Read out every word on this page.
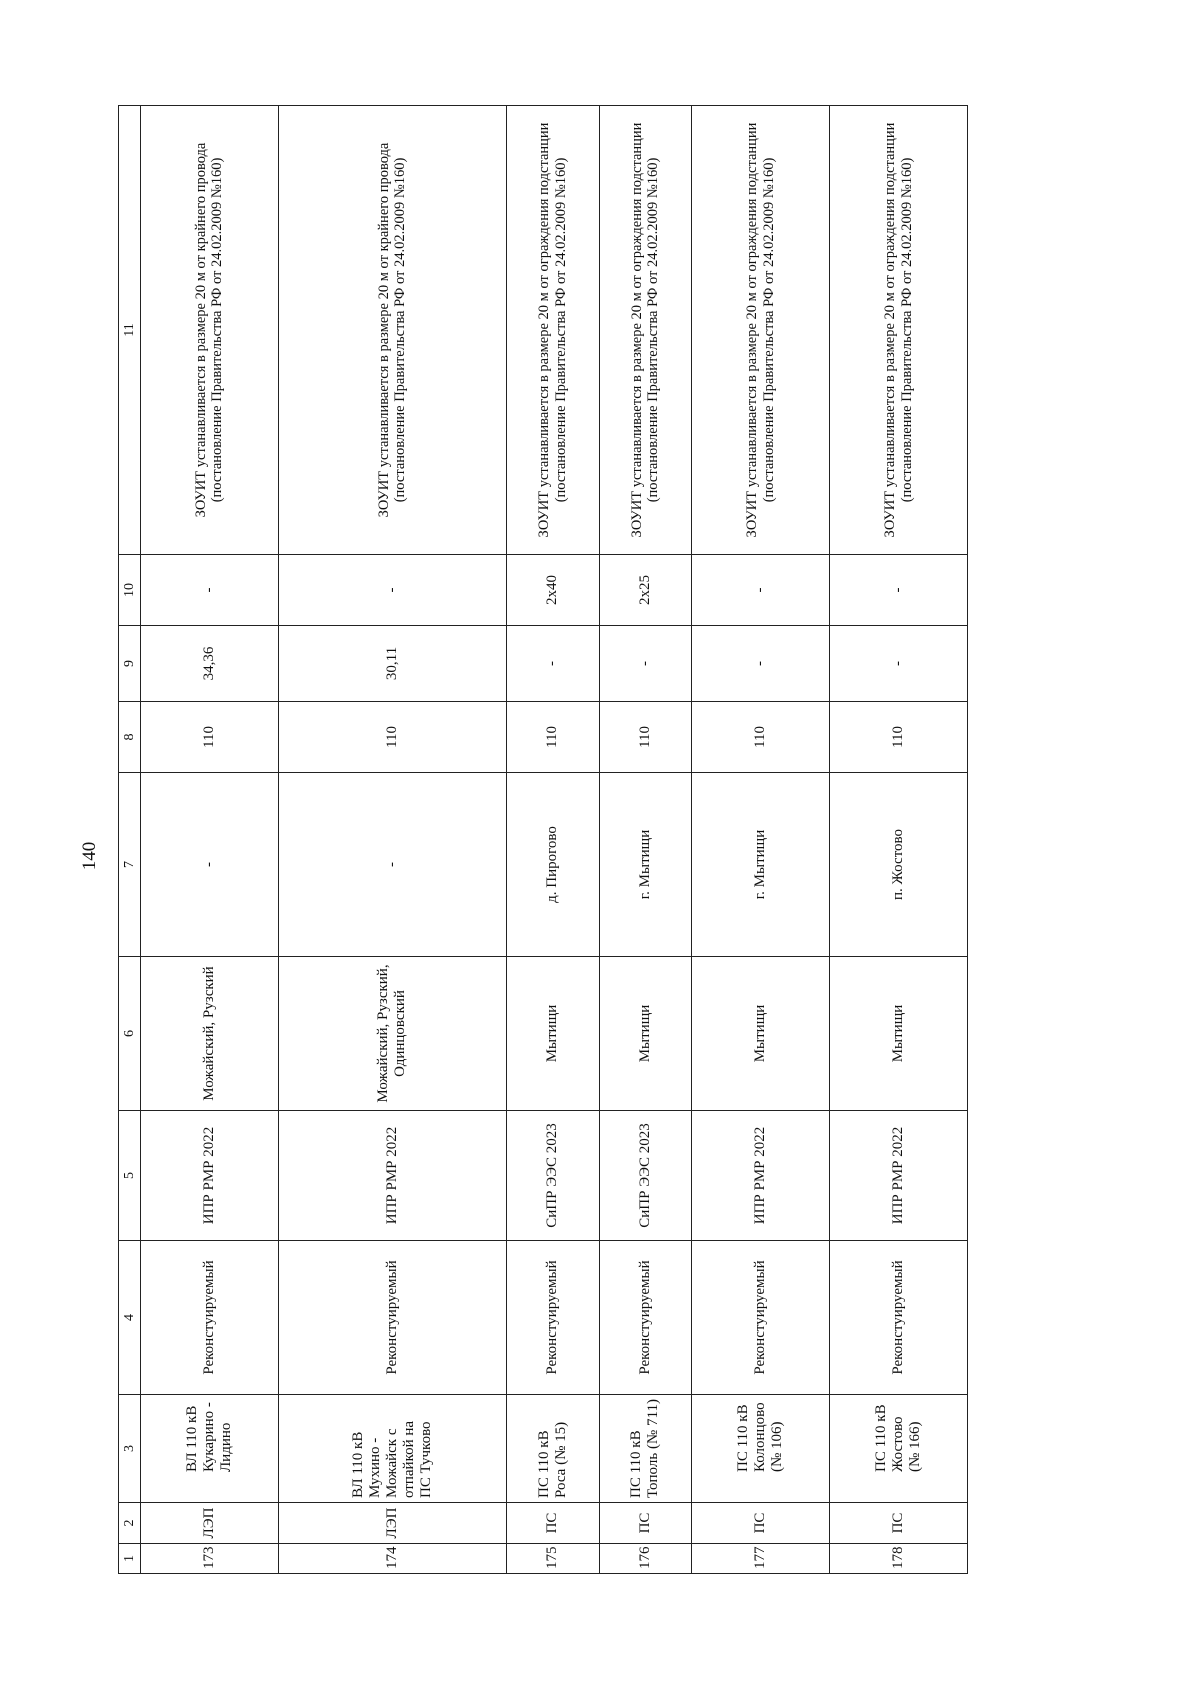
140
1	2	3	4	5	6	7	8	9	10	11
173	ЛЭП	ВЛ 110 кВ Кукарино - Лидино	Реконстуируемый	ИПР РМР 2022	Можайский, Рузский	-	110	34,36	-	ЗОУИТ устанавливается в размере 20 м от крайнего провода (постановление Правительства РФ от 24.02.2009 №160)
174	ЛЭП	ВЛ 110 кВ Мухино - Можайск с отпайкой на ПС Тучково	Реконстуируемый	ИПР РМР 2022	Можайский, Рузский, Одинцовский	-	110	30,11	-	ЗОУИТ устанавливается в размере 20 м от крайнего провода (постановление Правительства РФ от 24.02.2009 №160)
175	ПС	ПС 110 кВ Роса (№ 15)	Реконстуируемый	СиПР ЭЭС 2023	Мытищи	д. Пирогово	110	-	2х40	ЗОУИТ устанавливается в размере 20 м от ограждения подстанции (постановление Правительства РФ от 24.02.2009 №160)
176	ПС	ПС 110 кВ Тополь (№ 711)	Реконстуируемый	СиПР ЭЭС 2023	Мытищи	г. Мытищи	110	-	2х25	ЗОУИТ устанавливается в размере 20 м от ограждения подстанции (постановление Правительства РФ от 24.02.2009 №160)
177	ПС	ПС 110 кВ Колонцово (№ 106)	Реконстуируемый	ИПР РМР 2022	Мытищи	г. Мытищи	110	-	-	ЗОУИТ устанавливается в размере 20 м от ограждения подстанции (постановление Правительства РФ от 24.02.2009 №160)
178	ПС	ПС 110 кВ Жостово (№ 166)	Реконстуируемый	ИПР РМР 2022	Мытищи	п. Жостово	110	-	-	ЗОУИТ устанавливается в размере 20 м от ограждения подстанции (постановление Правительства РФ от 24.02.2009 №160)
